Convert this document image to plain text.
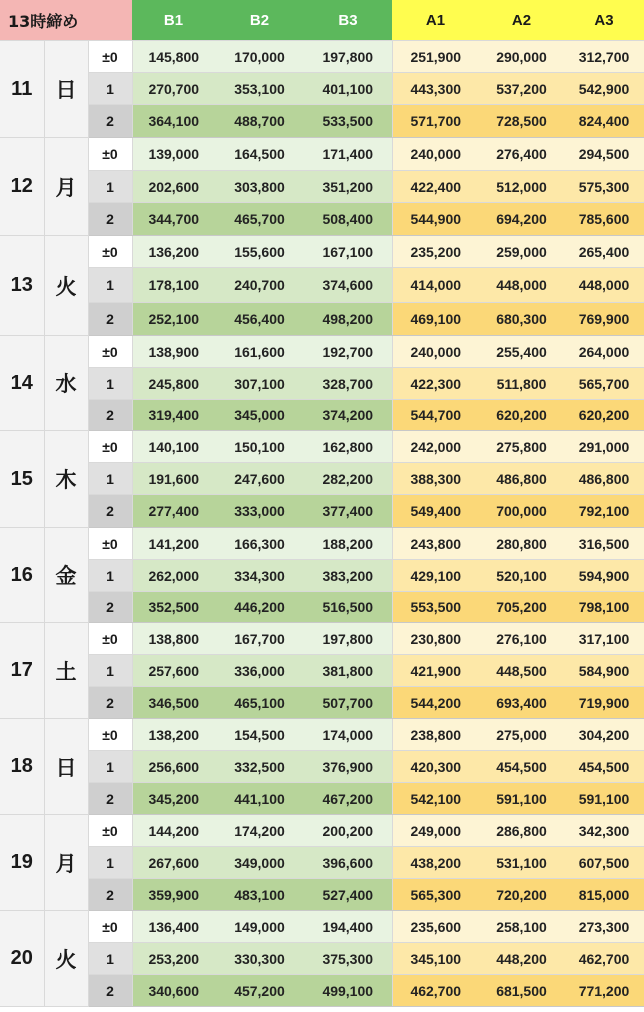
13時締め			B1	B2	B3	A1	A2	A3
11	日	±0	145,800	170,000	197,800	251,900	290,000	312,700
		1	270,700	353,100	401,100	443,300	537,200	542,900
		2	364,100	488,700	533,500	571,700	728,500	824,400
12	月	±0	139,000	164,500	171,400	240,000	276,400	294,500
		1	202,600	303,800	351,200	422,400	512,000	575,300
		2	344,700	465,700	508,400	544,900	694,200	785,600
13	火	±0	136,200	155,600	167,100	235,200	259,000	265,400
		1	178,100	240,700	374,600	414,000	448,000	448,000
		2	252,100	456,400	498,200	469,100	680,300	769,900
14	水	±0	138,900	161,600	192,700	240,000	255,400	264,000
		1	245,800	307,100	328,700	422,300	511,800	565,700
		2	319,400	345,000	374,200	544,700	620,200	620,200
15	木	±0	140,100	150,100	162,800	242,000	275,800	291,000
		1	191,600	247,600	282,200	388,300	486,800	486,800
		2	277,400	333,000	377,400	549,400	700,000	792,100
16	金	±0	141,200	166,300	188,200	243,800	280,800	316,500
		1	262,000	334,300	383,200	429,100	520,100	594,900
		2	352,500	446,200	516,500	553,500	705,200	798,100
17	土	±0	138,800	167,700	197,800	230,800	276,100	317,100
		1	257,600	336,000	381,800	421,900	448,500	584,900
		2	346,500	465,100	507,700	544,200	693,400	719,900
18	日	±0	138,200	154,500	174,000	238,800	275,000	304,200
		1	256,600	332,500	376,900	420,300	454,500	454,500
		2	345,200	441,100	467,200	542,100	591,100	591,100
19	月	±0	144,200	174,200	200,200	249,000	286,800	342,300
		1	267,600	349,000	396,600	438,200	531,100	607,500
		2	359,900	483,100	527,400	565,300	720,200	815,000
20	火	±0	136,400	149,000	194,400	235,600	258,100	273,300
		1	253,200	330,300	375,300	345,100	448,200	462,700
		2	340,600	457,200	499,100	462,700	681,500	771,200
